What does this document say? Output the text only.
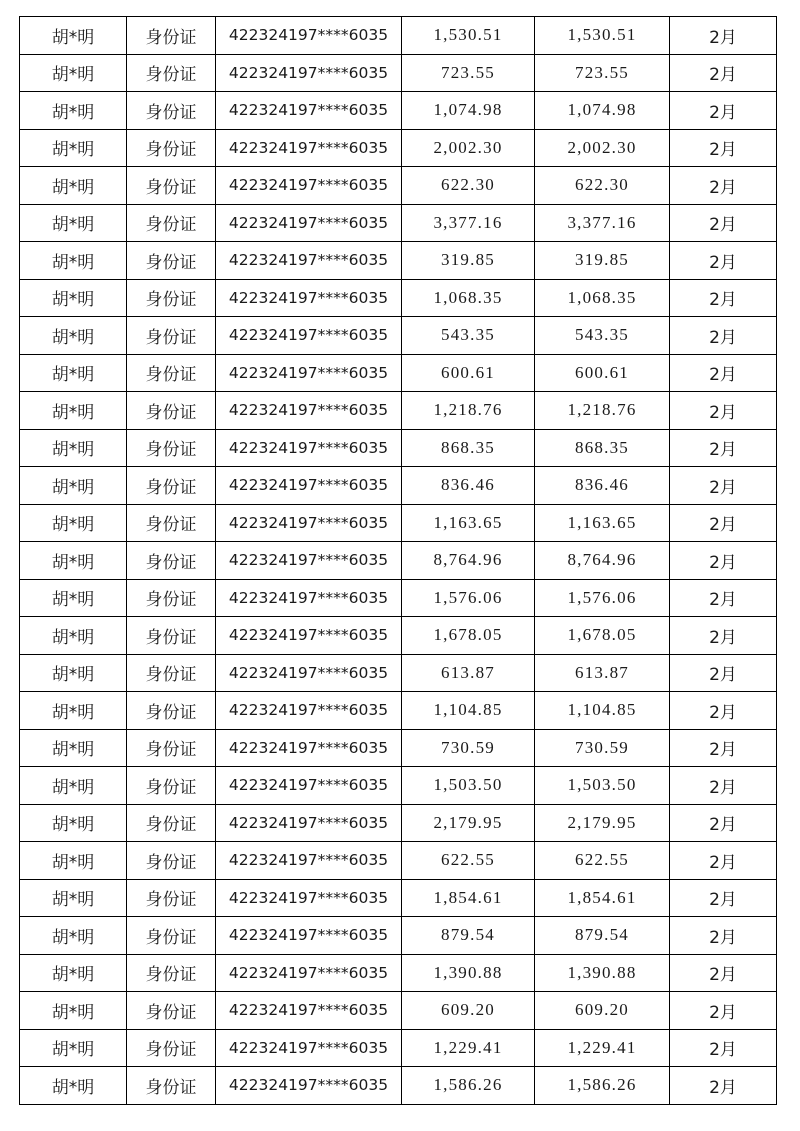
胡*明	身份证	422324197****6035	1,530.51	1,530.51	2月
胡*明	身份证	422324197****6035	723.55	723.55	2月
胡*明	身份证	422324197****6035	1,074.98	1,074.98	2月
胡*明	身份证	422324197****6035	2,002.30	2,002.30	2月
胡*明	身份证	422324197****6035	622.30	622.30	2月
胡*明	身份证	422324197****6035	3,377.16	3,377.16	2月
胡*明	身份证	422324197****6035	319.85	319.85	2月
胡*明	身份证	422324197****6035	1,068.35	1,068.35	2月
胡*明	身份证	422324197****6035	543.35	543.35	2月
胡*明	身份证	422324197****6035	600.61	600.61	2月
胡*明	身份证	422324197****6035	1,218.76	1,218.76	2月
胡*明	身份证	422324197****6035	868.35	868.35	2月
胡*明	身份证	422324197****6035	836.46	836.46	2月
胡*明	身份证	422324197****6035	1,163.65	1,163.65	2月
胡*明	身份证	422324197****6035	8,764.96	8,764.96	2月
胡*明	身份证	422324197****6035	1,576.06	1,576.06	2月
胡*明	身份证	422324197****6035	1,678.05	1,678.05	2月
胡*明	身份证	422324197****6035	613.87	613.87	2月
胡*明	身份证	422324197****6035	1,104.85	1,104.85	2月
胡*明	身份证	422324197****6035	730.59	730.59	2月
胡*明	身份证	422324197****6035	1,503.50	1,503.50	2月
胡*明	身份证	422324197****6035	2,179.95	2,179.95	2月
胡*明	身份证	422324197****6035	622.55	622.55	2月
胡*明	身份证	422324197****6035	1,854.61	1,854.61	2月
胡*明	身份证	422324197****6035	879.54	879.54	2月
胡*明	身份证	422324197****6035	1,390.88	1,390.88	2月
胡*明	身份证	422324197****6035	609.20	609.20	2月
胡*明	身份证	422324197****6035	1,229.41	1,229.41	2月
胡*明	身份证	422324197****6035	1,586.26	1,586.26	2月
